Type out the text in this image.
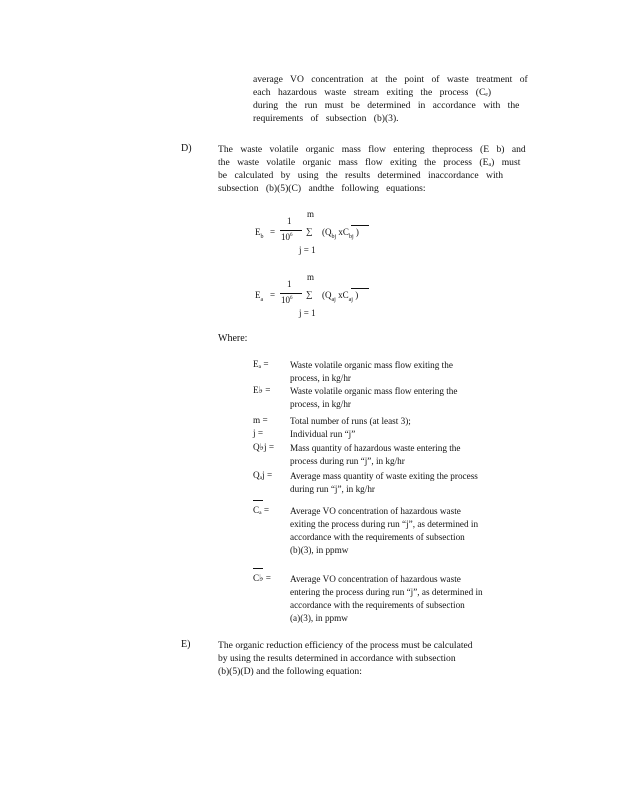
average VO concentration at the point of waste treatment of
each hazardous waste stream exiting the process (Cₑ)
during the run must be determined in accordance with the
requirements of subsection (b)(3).
D)	The waste volatile organic mass flow entering theprocess (E b) and
the waste volatile organic mass flow exiting the process (Eₐ) must
be calculated by using the results determined inaccordance with
subsection (b)(5)(C) andthe following equations:
$E_b$ =
1
$10^6$
m
∑
j = 1
($Q_{bj}$ $xC_{bj}$ )
$E_a$ =
1
$10^6$
m
∑
j = 1
($Q_{aj}$ $xC_{aj}$ )
Where:
Eₐ = Waste volatile organic mass flow exiting the
process, in kg/hr
E♭ = Waste volatile organic mass flow entering the
process, in kg/hr
m = Total number of runs (at least 3);
j =	Individual run “j”
Q♭j = Mass quantity of hazardous waste entering the
process during run “j”, in kg/hr
Qₐj = Average mass quantity of waste exiting the process
during run “j”, in kg/hr
Cₐ = Average VO concentration of hazardous waste
exiting the process during run “j”, as determined in
accordance with the requirements of subsection
(b)(3), in ppmw
C♭ = Average VO concentration of hazardous waste
entering the process during run “j”, as determined in
accordance with the requirements of subsection
(a)(3), in ppmw
E)	The organic reduction efficiency of the process must be calculated
by using the results determined in accordance with subsection
(b)(5)(D) and the following equation:
